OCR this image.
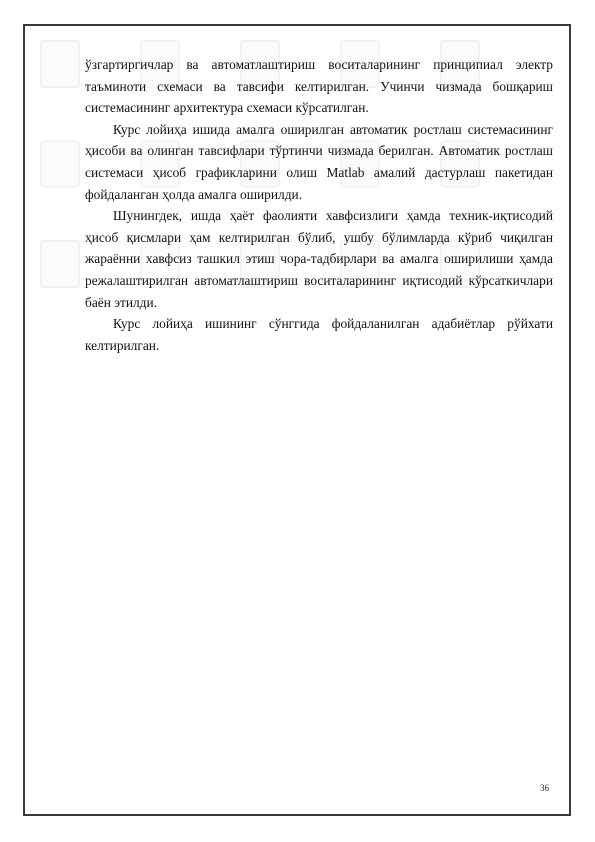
ўзгартиргичлар ва автоматлаштириш воситаларининг принципиал электр таъминоти схемаси ва тавсифи келтирилган. Учинчи чизмада бошқариш системасининг архитектура схемаси кўрсатилган.

Курс лойиҳа ишида амалга оширилган автоматик ростлаш системасининг ҳисоби ва олинган тавсифлари тўртинчи чизмада берилган. Автоматик ростлаш системаси ҳисоб графикларини олиш Matlab амалий дастурлаш пакетидан фойдаланган ҳолда амалга оширилди.

Шунингдек, ишда ҳаёт фаолияти хавфсизлиги ҳамда техник-иқтисодий ҳисоб қисмлари ҳам келтирилган бўлиб, ушбу бўлимларда кўриб чиқилган жараённи хавфсиз ташкил этиш чора-тадбирлари ва амалга оширилиши ҳамда режалаштирилган автоматлаштириш воситаларининг иқтисодий кўрсаткичлари баён этилди.

Курс лойиҳа ишининг сўнггида фойдаланилган адабиётлар рўйхати келтирилган.

36
